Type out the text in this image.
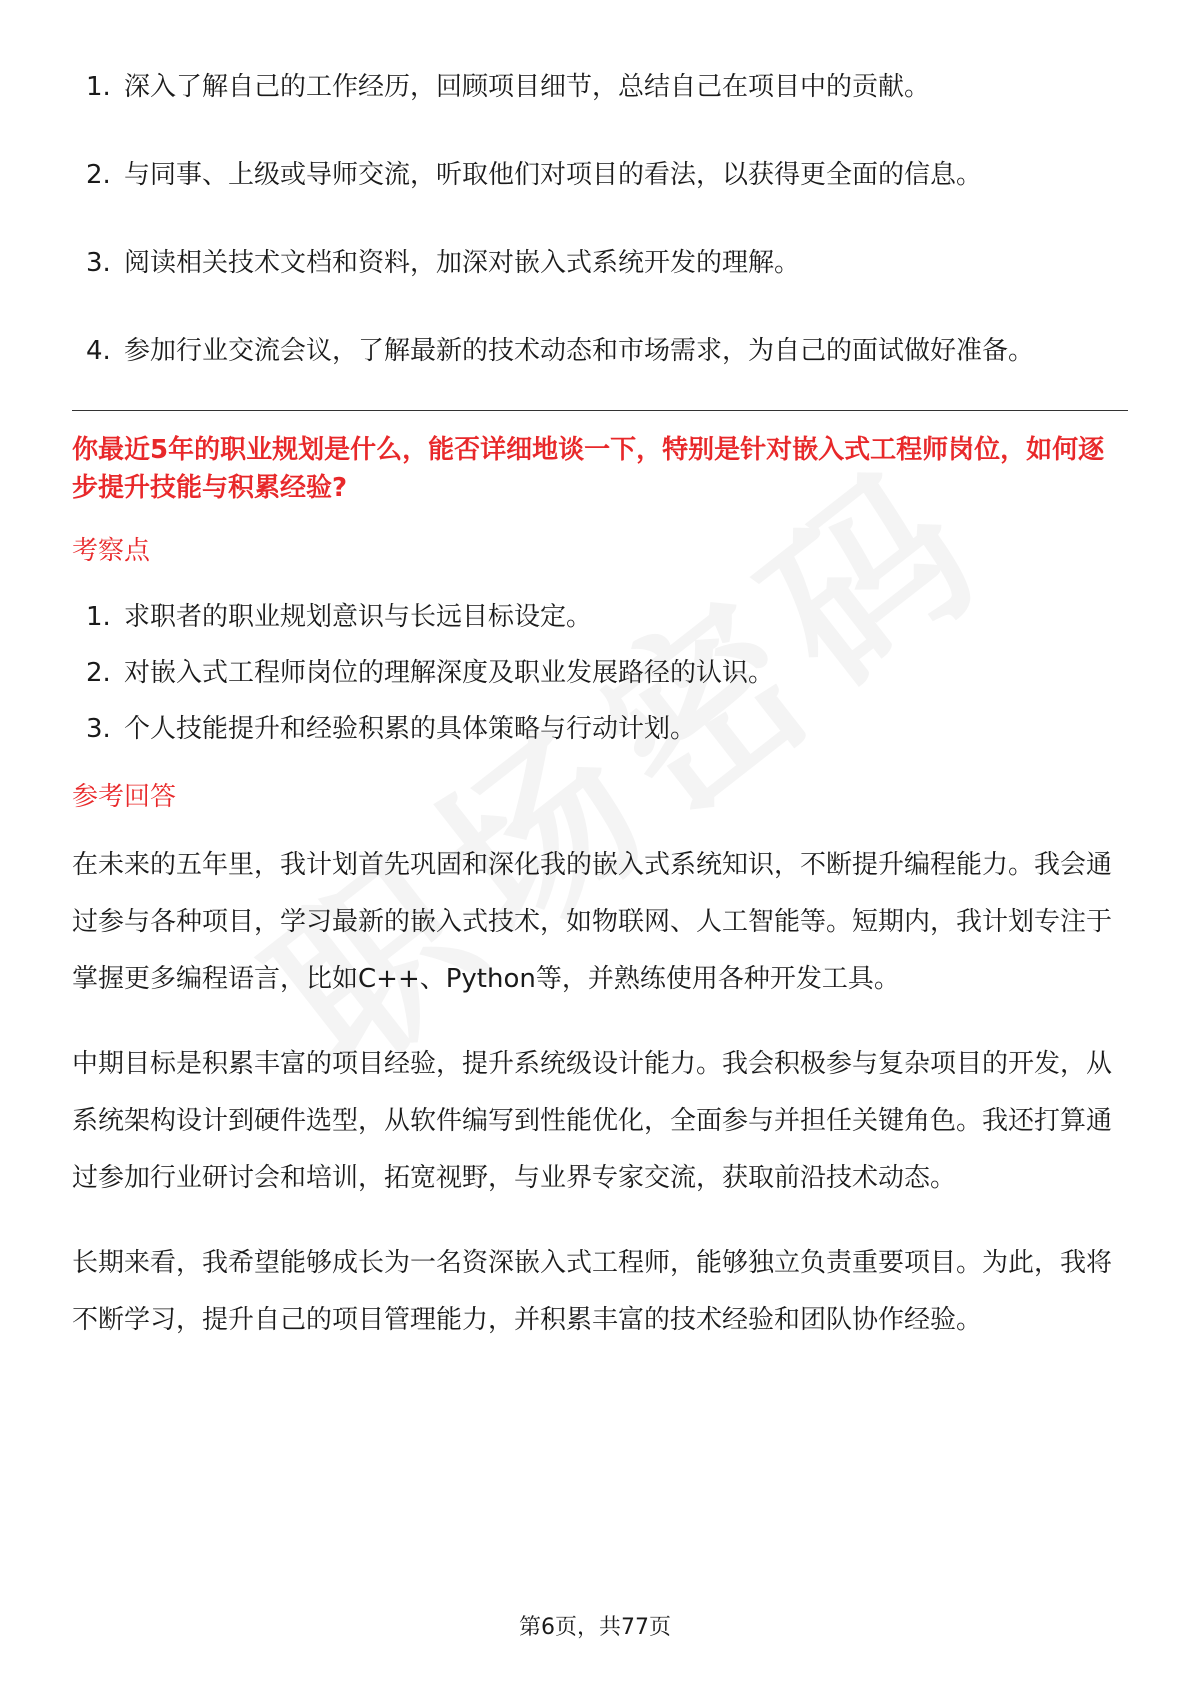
1. 深入了解自己的工作经历，回顾项目细节，总结自己在项目中的贡献。
2. 与同事、上级或导师交流，听取他们对项目的看法，以获得更全面的信息。
3. 阅读相关技术文档和资料，加深对嵌入式系统开发的理解。
4. 参加行业交流会议，了解最新的技术动态和市场需求，为自己的面试做好准备。

你最近5年的职业规划是什么，能否详细地谈一下，特别是针对嵌入式工程师岗位，如何逐步提升技能与积累经验?

考察点
1. 求职者的职业规划意识与长远目标设定。
2. 对嵌入式工程师岗位的理解深度及职业发展路径的认识。
3. 个人技能提升和经验积累的具体策略与行动计划。
参考回答

在未来的五年里，我计划首先巩固和深化我的嵌入式系统知识，不断提升编程能力。我会通过参与各种项目，学习最新的嵌入式技术，如物联网、人工智能等。短期内，我计划专注于掌握更多编程语言，比如C++、Python等，并熟练使用各种开发工具。

中期目标是积累丰富的项目经验，提升系统级设计能力。我会积极参与复杂项目的开发，从系统架构设计到硬件选型，从软件编写到性能优化，全面参与并担任关键角色。我还打算通过参加行业研讨会和培训，拓宽视野，与业界专家交流，获取前沿技术动态。

长期来看，我希望能够成长为一名资深嵌入式工程师，能够独立负责重要项目。为此，我将不断学习，提升自己的项目管理能力，并积累丰富的技术经验和团队协作经验。

第6页，共77页
